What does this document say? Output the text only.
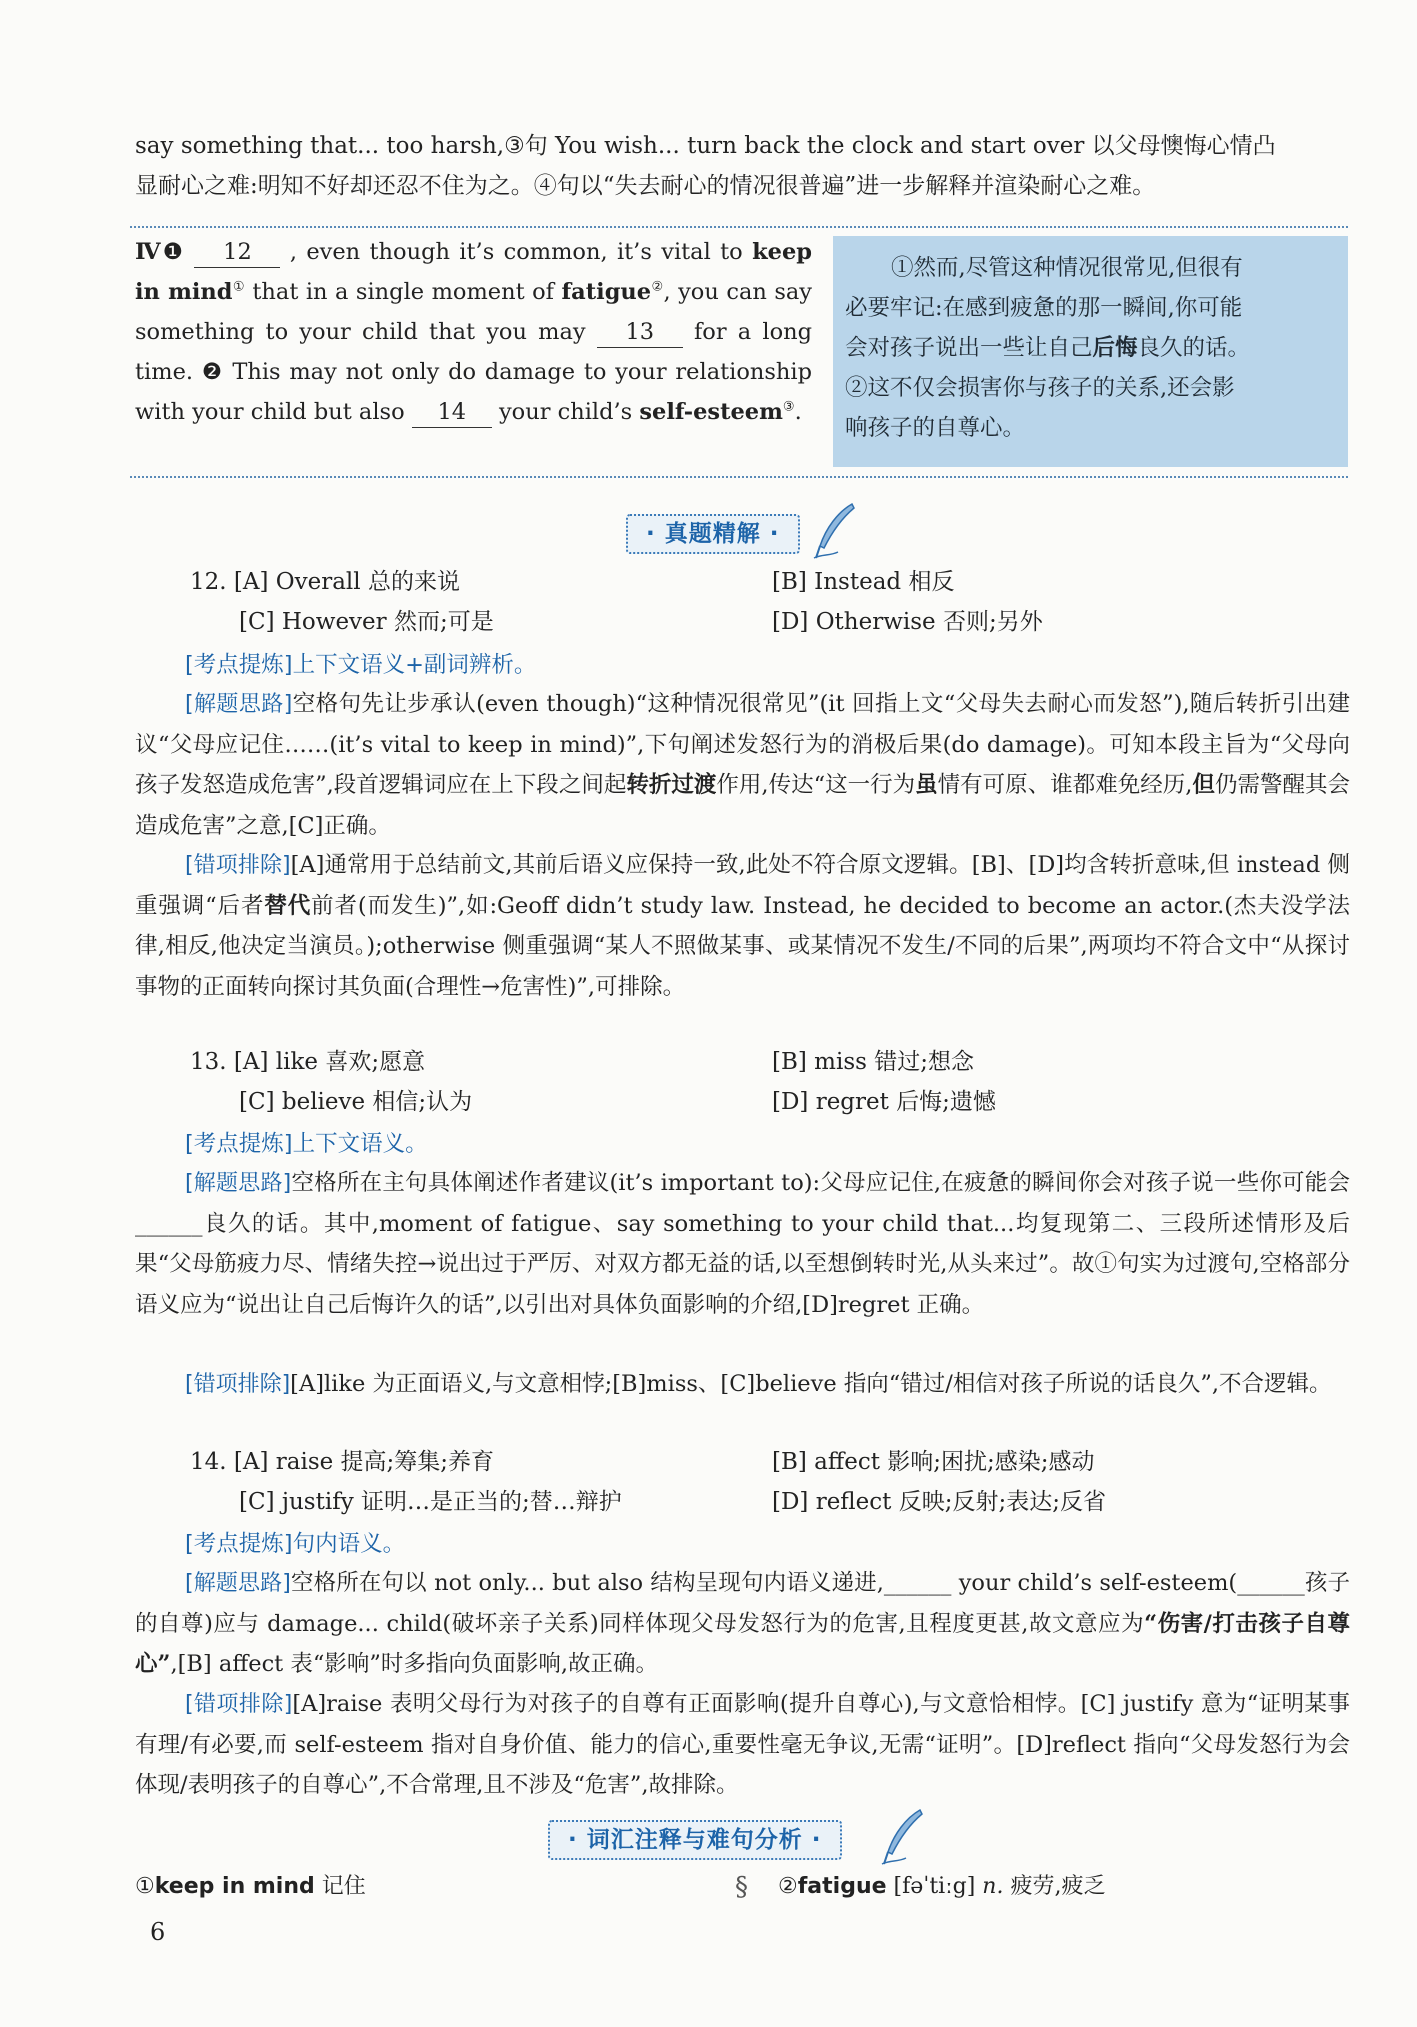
say something that... too harsh,③句 You wish... turn back the clock and start over 以父母懊悔心情凸
显耐心之难:明知不好却还忍不住为之。④句以“失去耐心的情况很普遍”进一步解释并渲染耐心之难。
Ⅳ❶ 12 , even though it’s common, it’s vital to keep in mind① that in a single moment of fatigue②, you can say something to your child that you may 13 for a long time. ❷ This may not only do damage to your relationship with your child but also 14 your child’s self-esteem③.
①然而,尽管这种情况很常见,但很有
必要牢记:在感到疲惫的那一瞬间,你可能
会对孩子说出一些让自己后悔良久的话。
②这不仅会损害你与孩子的关系,还会影
响孩子的自尊心。
· 真题精解 ·
12. [A] Overall 总的来说	[B] Instead 相反
[C] However 然而;可是	[D] Otherwise 否则;另外
[考点提炼]上下文语义+副词辨析。
[解题思路]空格句先让步承认(even though)“这种情况很常见”(it 回指上文“父母失去耐心而发怒”),随后转折引出建议“父母应记住……(it’s vital to keep in mind)”,下句阐述发怒行为的消极后果(do damage)。可知本段主旨为“父母向孩子发怒造成危害”,段首逻辑词应在上下段之间起转折过渡作用,传达“这一行为虽情有可原、谁都难免经历,但仍需警醒其会造成危害”之意,[C]正确。
[错项排除][A]通常用于总结前文,其前后语义应保持一致,此处不符合原文逻辑。[B]、[D]均含转折意味,但 instead 侧重强调“后者替代前者(而发生)”,如:Geoff didn’t study law. Instead, he decided to become an actor.(杰夫没学法律,相反,他决定当演员。);otherwise 侧重强调“某人不照做某事、或某情况不发生/不同的后果”,两项均不符合文中“从探讨事物的正面转向探讨其负面(合理性→危害性)”,可排除。
13. [A] like 喜欢;愿意	[B] miss 错过;想念
[C] believe 相信;认为	[D] regret 后悔;遗憾
[考点提炼]上下文语义。
[解题思路]空格所在主句具体阐述作者建议(it’s important to):父母应记住,在疲惫的瞬间你会对孩子说一些你可能会______良久的话。其中,moment of fatigue、say something to your child that...均复现第二、三段所述情形及后果“父母筋疲力尽、情绪失控→说出过于严厉、对双方都无益的话,以至想倒转时光,从头来过”。故①句实为过渡句,空格部分语义应为“说出让自己后悔许久的话”,以引出对具体负面影响的介绍,[D]regret 正确。
[错项排除][A]like 为正面语义,与文意相悖;[B]miss、[C]believe 指向“错过/相信对孩子所说的话良久”,不合逻辑。
14. [A] raise 提高;筹集;养育	[B] affect 影响;困扰;感染;感动
[C] justify 证明…是正当的;替…辩护	[D] reflect 反映;反射;表达;反省
[考点提炼]句内语义。
[解题思路]空格所在句以 not only... but also 结构呈现句内语义递进,______ your child’s self-esteem(______孩子的自尊)应与 damage... child(破坏亲子关系)同样体现父母发怒行为的危害,且程度更甚,故文意应为“伤害/打击孩子自尊心”,[B] affect 表“影响”时多指向负面影响,故正确。
[错项排除][A]raise 表明父母行为对孩子的自尊有正面影响(提升自尊心),与文意恰相悖。[C] justify 意为“证明某事有理/有必要,而 self-esteem 指对自身价值、能力的信心,重要性毫无争议,无需“证明”。[D]reflect 指向“父母发怒行为会体现/表明孩子的自尊心”,不合常理,且不涉及“危害”,故排除。
· 词汇注释与难句分析 ·
①keep in mind 记住	§ ②fatigue [fəˈtiːg] n. 疲劳,疲乏
6
